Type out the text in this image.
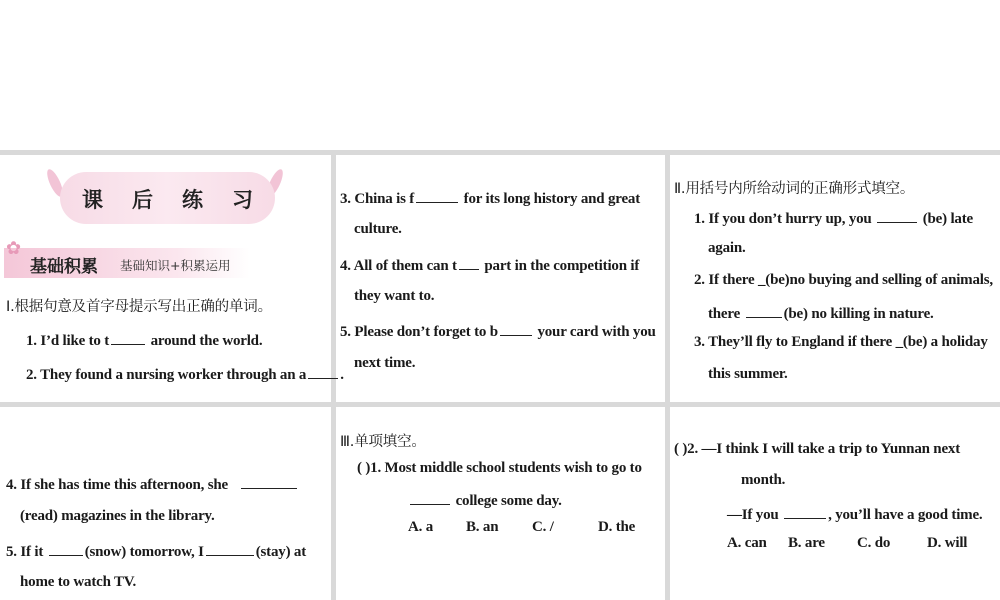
课 后 练 习
基础积累 基础知识+积累运用
✿
Ⅰ.根据句意及首字母提示写出正确的单词。
1. I’d like to t	around the world.
2. They found a nursing worker through an a .
3. China is f	for its long history and great
culture.
4. All of them can t part in the competition if
they want to.
5. Please don’t forget to b your card with you
next time.
Ⅱ.用括号内所给动词的正确形式填空。
1. If you don’t hurry up, you	(be) late
again.
2. If there _(be)no buying and selling of animals,
there	(be) no killing in nature.
3. They’ll fly to England if there _(be) a holiday
this summer.
4. If she has time this afternoon, she
(read) magazines in the library.
5. If it	(snow) tomorrow, I	(stay) at
home to watch TV.
Ⅲ.单项填空。
( )1. Most middle school students wish to go to
college some day.
A. a B. an C. /	D. the
( )2. —I think I will take a trip to Yunnan next
month.
—If you	, you’ll have a good time.
A. can B. are C. do D. will
